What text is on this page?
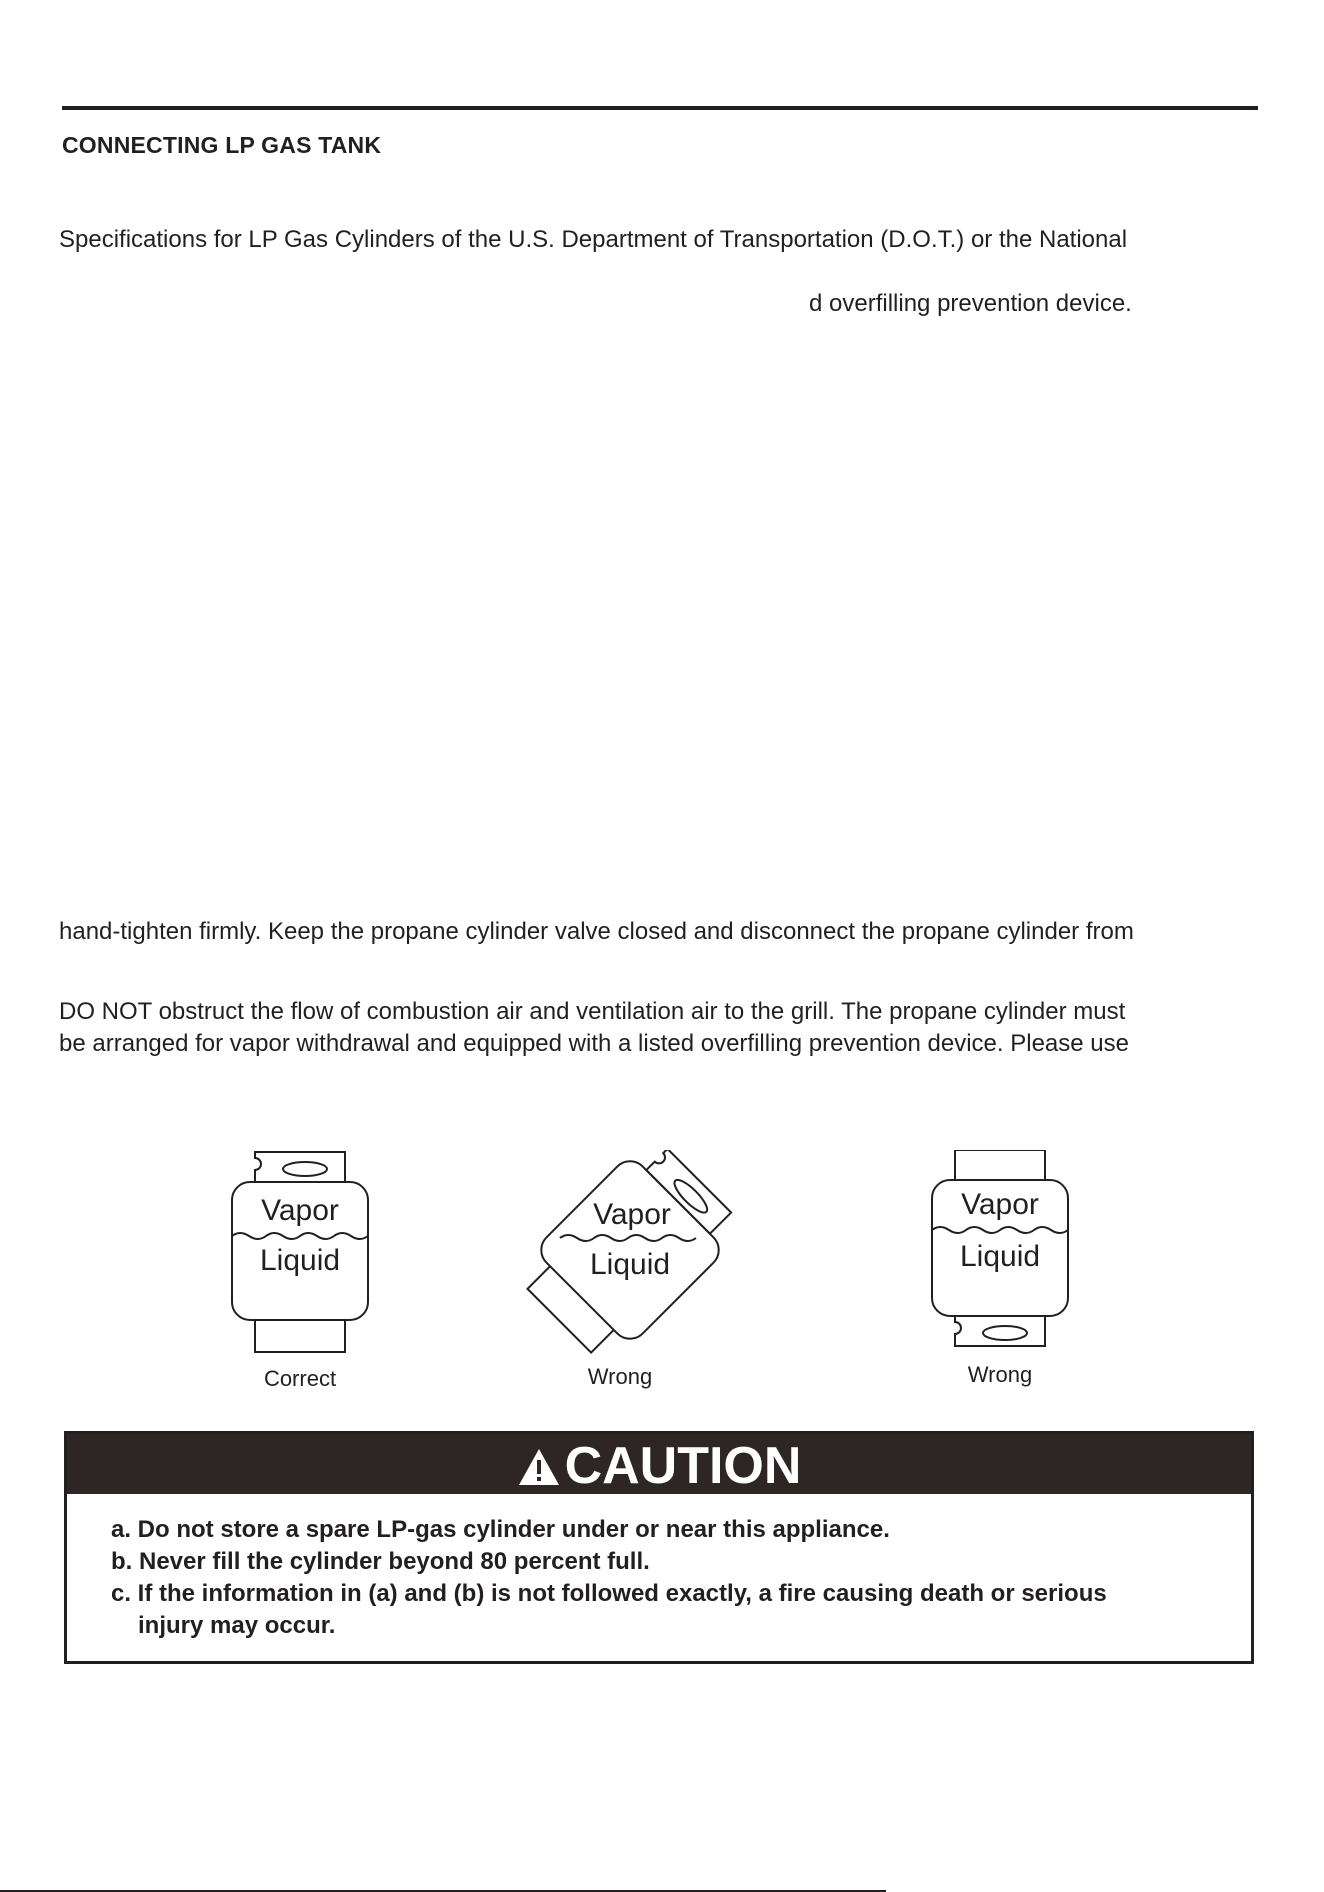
CONNECTING LP GAS TANK
Specifications for LP Gas Cylinders of the U.S. Department of Transportation (D.O.T.) or the National
d overfilling prevention device.
hand-tighten firmly. Keep the propane cylinder valve closed and disconnect the propane cylinder from
DO NOT obstruct the flow of combustion air and ventilation air to the grill. The propane cylinder must
be arranged for vapor withdrawal and equipped with a listed overfilling prevention device. Please use
Vapor
Liquid
Correct
Vapor
Liquid
Wrong
Vapor
Liquid
Wrong
CAUTION
a. Do not store a spare LP-gas cylinder under or near this appliance.
b. Never fill the cylinder beyond 80 percent full.
c. If the information in (a) and (b) is not followed exactly, a fire causing death or serious
injury may occur.
